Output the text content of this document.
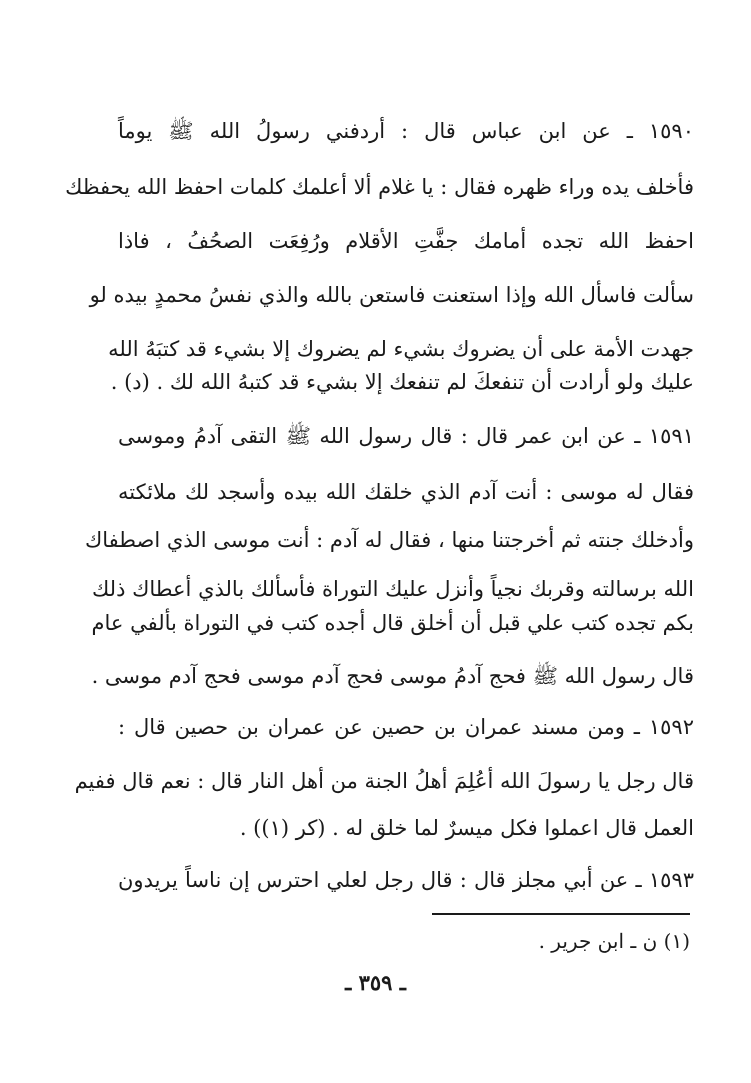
١٥٩٠ ـ عن ابن عباس قال : أردفني رسولُ الله ﷺ يوماً
فأخلف يده وراء ظهره فقال : يا غلام ألا أعلمك كلمات احفظ الله يحفظك
احفظ الله تجده أمامك جفَّتِ الأقلام ورُفِعَت الصحُفُ ، فاذا
سألت فاسأل الله وإذا استعنت فاستعن بالله والذي نفسُ محمدٍ بيده لو
جهدت الأمة على أن يضروك بشيء لم يضروك إلا بشيء قد كتبَهُ الله
عليك ولو أرادت أن تنفعكَ لم تنفعك إلا بشيء قد كتبهُ الله لك . (د) .
١٥٩١ ـ عن ابن عمر قال : قال رسول الله ﷺ التقى آدمُ وموسى
فقال له موسى : أنت آدم الذي خلقك الله بيده وأسجد لك ملائكته
وأدخلك جنته ثم أخرجتنا منها ، فقال له آدم : أنت موسى الذي اصطفاك
الله برسالته وقربك نجياً وأنزل عليك التوراة فأسألك بالذي أعطاك ذلك
بكم تجده كتب علي قبل أن أخلق قال أجده كتب في التوراة بألفي عام
قال رسول الله ﷺ فحج آدمُ موسى فحج آدم موسى فحج آدم موسى .
١٥٩٢ ـ ومن مسند عمران بن حصين عن عمران بن حصين قال :
قال رجل يا رسولَ الله أعُلِمَ أهلُ الجنة من أهل النار قال : نعم قال ففيم
العمل قال اعملوا فكل ميسرٌ لما خلق له . (كر (١)) .
١٥٩٣ ـ عن أبي مجلز قال : قال رجل لعلي احترس إن ناساً يريدون
(١) ن ـ ابن جرير .
ـ ٣٥٩ ـ
